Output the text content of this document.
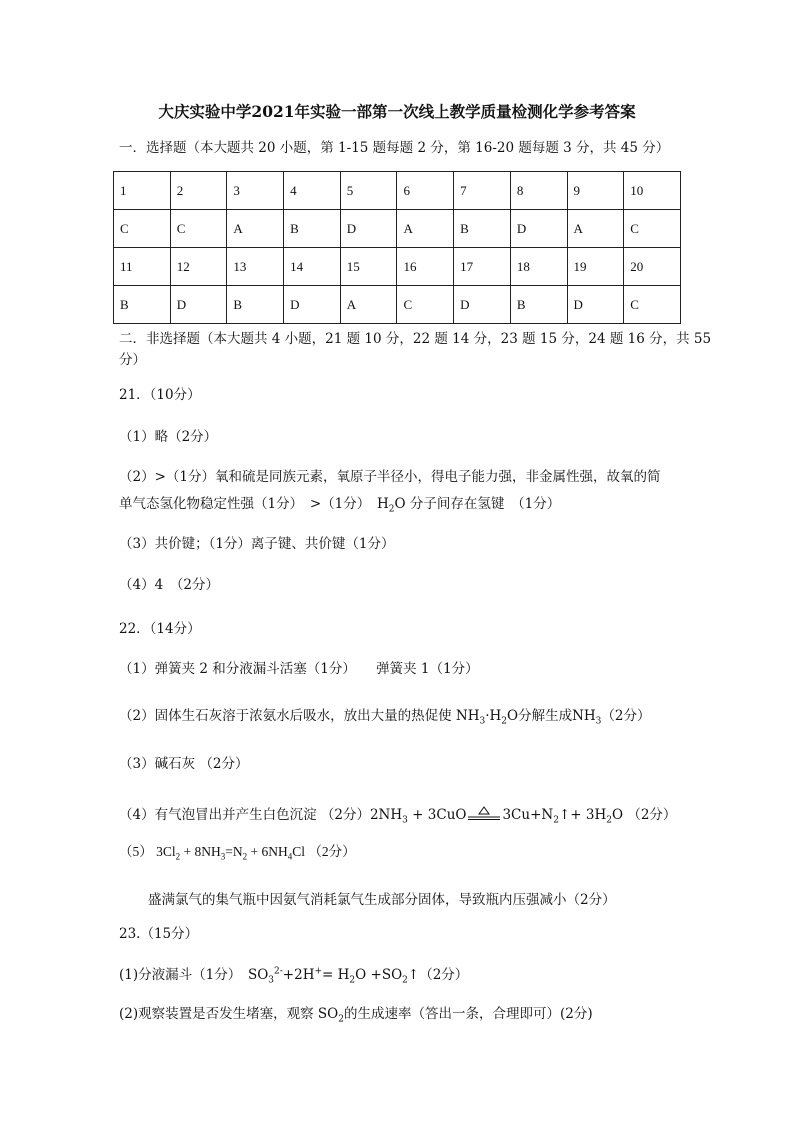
大庆实验中学2021年实验一部第一次线上教学质量检测化学参考答案
一．选择题（本大题共 20 小题，第 1-15 题每题 2 分，第 16-20 题每题 3 分，共 45 分）
1	2	3	4	5	6	7	8	9	10
C	C	A	B	D	A	B	D	A	C
11	12	13	14	15	16	17	18	19	20
B	D	B	D	A	C	D	B	D	C
二．非选择题（本大题共 4 小题，21 题 10 分，22 题 14 分，23 题 15 分，24 题 16 分，共 55
分）
21．（10分）
（1）略（2分）
（2）>（1分）氧和硫是同族元素，氧原子半径小，得电子能力强，非金属性强，故氧的简
单气态氢化物稳定性强（1分）　>（1分）　$H_2O$ 分子间存在氢键　（1分）
（3）共价键；（1分）离子键、共价键（1分）
（4）4　（2分）
22．（14分）
（1）弹簧夹 2 和分液漏斗活塞（1分）　　弹簧夹 1（1分）
（2）固体生石灰溶于浓氨水后吸水，放出大量的热促使 $NH_3\cdot H_2O$分解生成$NH_3(2$分）
（3）碱石灰 （2分）
（4）有气泡冒出并产生白色沉淀 （2分）$2NH_3 + 3CuO$	$3Cu+N_2↑+ 3H_2O$ （2分）
（5） $3Cl_2 + 8NH_3=N_2 + 6NH_4Cl$ （2分）
盛满氯气的集气瓶中因氨气消耗氯气生成部分固体，导致瓶内压强减小（2分）
23.（15分）
(1)分液漏斗（1分）　$SO_3^{2-}+2H^+= H_2O$ $+SO_2↑(2$分）
(2)观察装置是否发生堵塞，观察 $SO_2$的生成速率（答出一条，合理即可）(2分)
